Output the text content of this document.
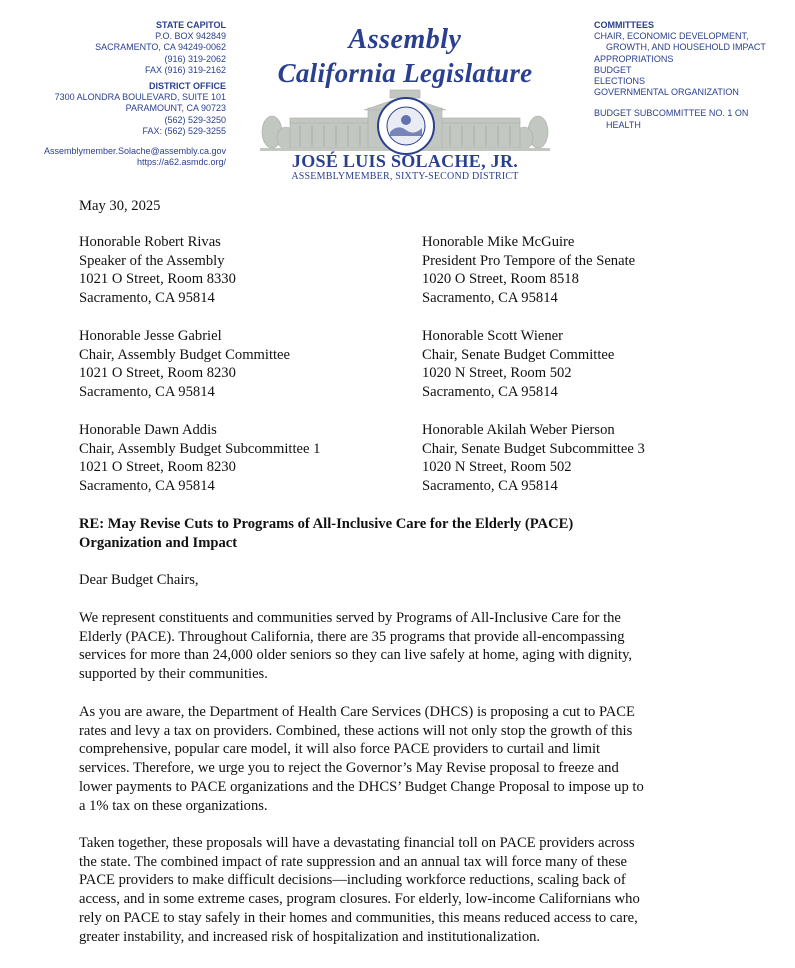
STATE CAPITOL
P.O. BOX 942849
SACRAMENTO, CA 94249-0062
(916) 319-2062
FAX (916) 319-2162
DISTRICT OFFICE
7300 ALONDRA BOULEVARD, SUITE 101
PARAMOUNT, CA 90723
(562) 529-3250
FAX: (562) 529-3255
Assemblymember.Solache@assembly.ca.gov
https://a62.asmdc.org/
Assembly
California Legislature
JOSÉ LUIS SOLACHE, JR.
ASSEMBLYMEMBER, SIXTY-SECOND DISTRICT
COMMITTEES
CHAIR, ECONOMIC DEVELOPMENT,
GROWTH, AND HOUSEHOLD IMPACT
APPROPRIATIONS
BUDGET
ELECTIONS
GOVERNMENTAL ORGANIZATION
BUDGET SUBCOMMITTEE NO. 1 ON
HEALTH
May 30, 2025
Honorable Robert Rivas
Speaker of the Assembly
1021 O Street, Room 8330
Sacramento, CA 95814
Honorable Mike McGuire
President Pro Tempore of the Senate
1020 O Street, Room 8518
Sacramento, CA 95814
Honorable Jesse Gabriel
Chair, Assembly Budget Committee
1021 O Street, Room 8230
Sacramento, CA 95814
Honorable Scott Wiener
Chair, Senate Budget Committee
1020 N Street, Room 502
Sacramento, CA 95814
Honorable Dawn Addis
Chair, Assembly Budget Subcommittee 1
1021 O Street, Room 8230
Sacramento, CA 95814
Honorable Akilah Weber Pierson
Chair, Senate Budget Subcommittee 3
1020 N Street, Room 502
Sacramento, CA 95814
RE: May Revise Cuts to Programs of All-Inclusive Care for the Elderly (PACE)
Organization and Impact
Dear Budget Chairs,
We represent constituents and communities served by Programs of All-Inclusive Care for the
Elderly (PACE). Throughout California, there are 35 programs that provide all-encompassing
services for more than 24,000 older seniors so they can live safely at home, aging with dignity,
supported by their communities.
As you are aware, the Department of Health Care Services (DHCS) is proposing a cut to PACE
rates and levy a tax on providers. Combined, these actions will not only stop the growth of this
comprehensive, popular care model, it will also force PACE providers to curtail and limit
services. Therefore, we urge you to reject the Governor’s May Revise proposal to freeze and
lower payments to PACE organizations and the DHCS’ Budget Change Proposal to impose up to
a 1% tax on these organizations.
Taken together, these proposals will have a devastating financial toll on PACE providers across
the state. The combined impact of rate suppression and an annual tax will force many of these
PACE providers to make difficult decisions—including workforce reductions, scaling back of
access, and in some extreme cases, program closures. For elderly, low-income Californians who
rely on PACE to stay safely in their homes and communities, this means reduced access to care,
greater instability, and increased risk of hospitalization and institutionalization.
